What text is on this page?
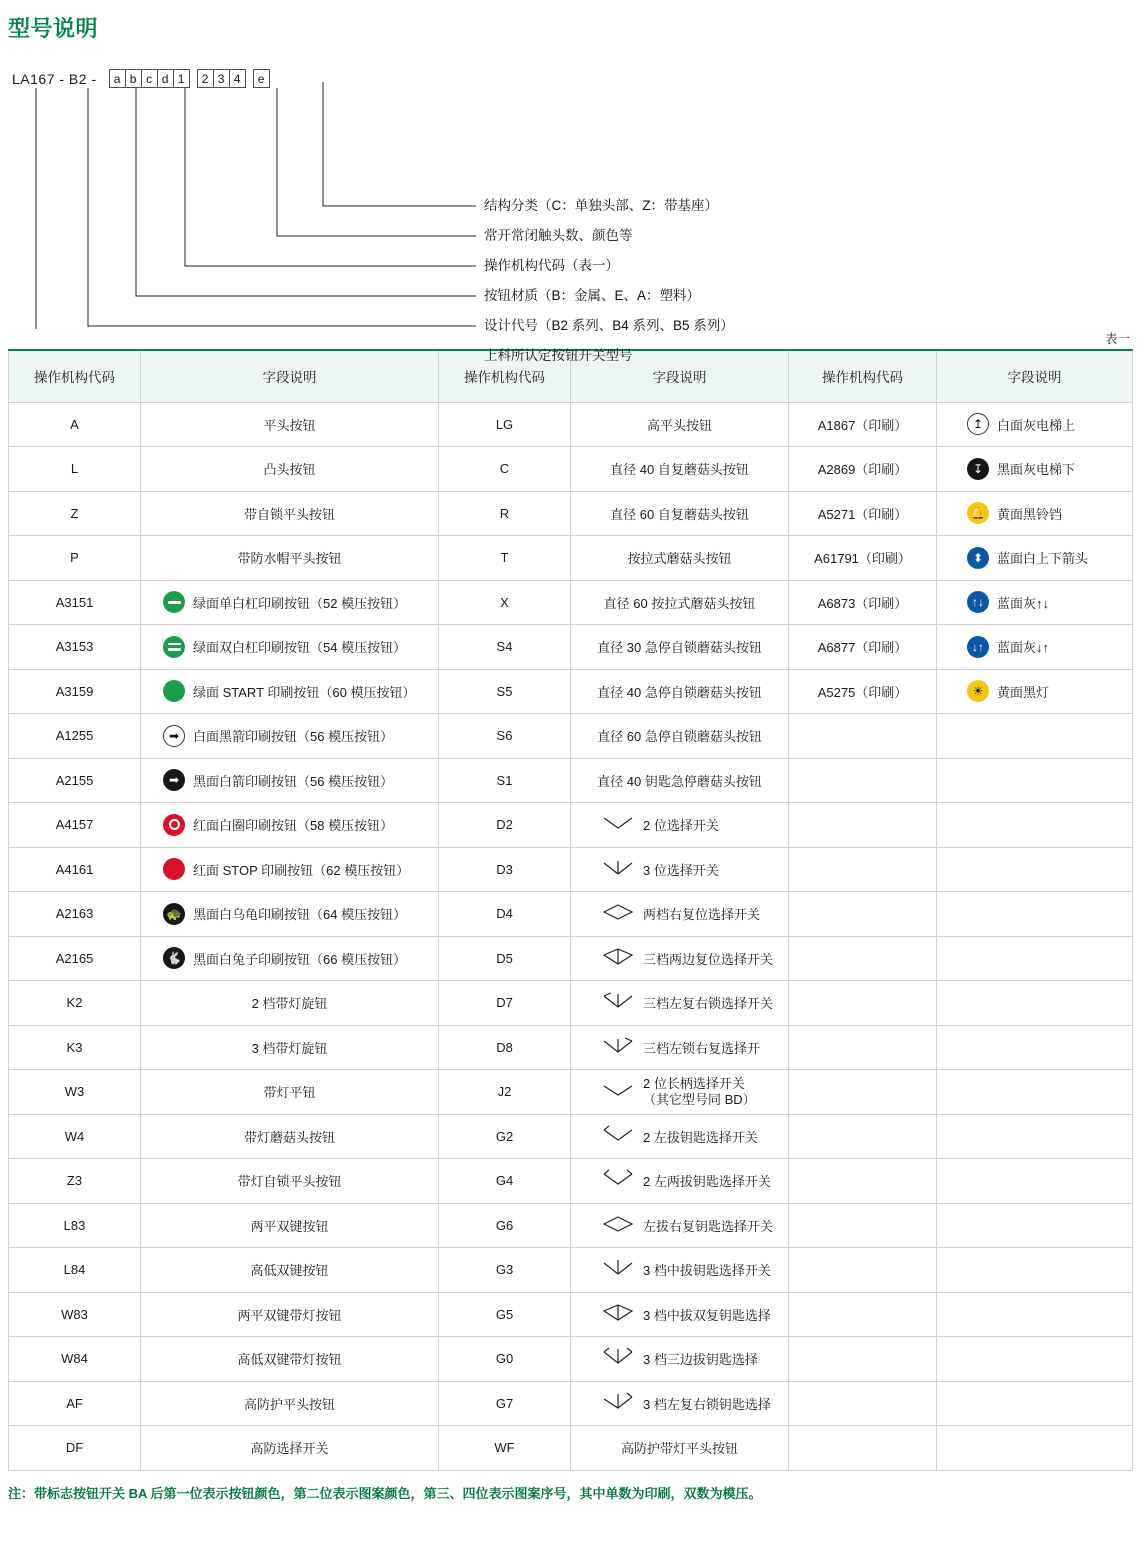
型号说明
LA167 - B2 -	a b c d 1	2 3 4	e
结构分类（C：单独头部、Z：带基座）
常开常闭触头数、颜色等
操作机构代码（表一）
按钮材质（B：金属、E、A：塑料）
设计代号（B2 系列、B4 系列、B5 系列）
上科所认定按钮开关型号
表一
操作机构代码	字段说明	操作机构代码	字段说明	操作机构代码	字段说明
A	平头按钮	LG	高平头按钮	A1867（印刷）	↥ 白面灰电梯上

L	凸头按钮	C	直径 40 自复蘑菇头按钮	A2869（印刷）	↧ 黑面灰电梯下

Z	带自锁平头按钮	R	直径 60 自复蘑菇头按钮	A5271（印刷）	🔔 黄面黑铃铛

P	带防水帽平头按钮	T	按拉式蘑菇头按钮	A61791（印刷）	⬍ 蓝面白上下箭头

A3151	绿面单白杠印刷按钮（52 模压按钮）	X	直径 60 按拉式蘑菇头按钮	A6873（印刷）	↑↓ 蓝面灰↑↓

A3153	绿面双白杠印刷按钮（54 模压按钮）	S4	直径 30 急停自锁蘑菇头按钮	A6877（印刷）	↓↑ 蓝面灰↓↑

A3159	绿面 START 印刷按钮（60 模压按钮）	S5	直径 40 急停自锁蘑菇头按钮	A5275（印刷）	☀ 黄面黑灯

A1255	➡ 白面黑箭印刷按钮（56 模压按钮）	S6	直径 60 急停自锁蘑菇头按钮		
A2155	➡ 黑面白箭印刷按钮（56 模压按钮）	S1	直径 40 钥匙急停蘑菇头按钮		
A4157	红面白圈印刷按钮（58 模压按钮）	D2	2 位选择开关		

A4161	红面 STOP 印刷按钮（62 模压按钮）	D3	3 位选择开关		

A2163	🐢 黑面白乌龟印刷按钮（64 模压按钮）	D4	两档右复位选择开关		

A2165	🐇 黑面白兔子印刷按钮（66 模压按钮）	D5	三档两边复位选择开关		

K2	2 档带灯旋钮	D7	三档左复右锁选择开关		

K3	3 档带灯旋钮	D8	三档左锁右复选择开		

W3	带灯平钮	J2	2 位长柄选择开关
（其它型号同 BD）		

W4	带灯蘑菇头按钮	G2	2 左拔钥匙选择开关		

Z3	带灯自锁平头按钮	G4	2 左两拔钥匙选择开关		

L83	两平双键按钮	G6	左拔右复钥匙选择开关		

L84	高低双键按钮	G3	3 档中拔钥匙选择开关		

W83	两平双键带灯按钮	G5	3 档中拔双复钥匙选择		

W84	高低双键带灯按钮	G0	3 档三边拔钥匙选择		

AF	高防护平头按钮	G7	3 档左复右锁钥匙选择		

DF	高防选择开关	WF	高防护带灯平头按钮		
注：带标志按钮开关 BA 后第一位表示按钮颜色，第二位表示图案颜色，第三、四位表示图案序号，其中单数为印刷，双数为模压。
